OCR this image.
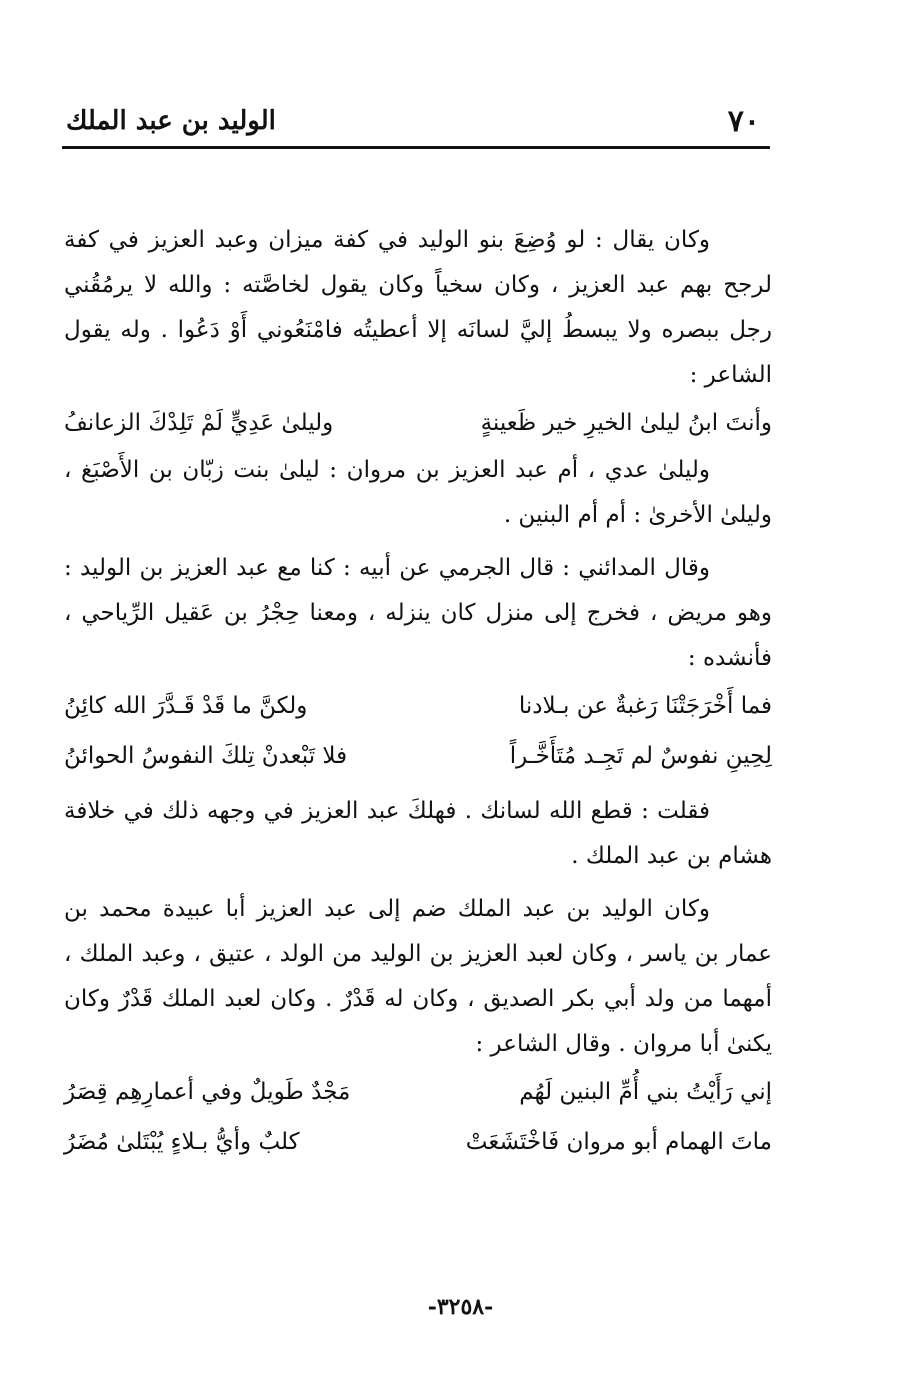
٧٠
الوليد بن عبد الملك

وكان يقال : لو وُضِعَ بنو الوليد في كفة ميزان وعبد العزيز في كفة لرجح بهم عبد العزيز ، وكان سخياً وكان يقول لخاصَّته : والله لا يرمُقُني رجل ببصره ولا يبسطُ إليَّ لسانَه إلا أعطيتُه فامْنَعُوني أَوْ دَعُوا . وله يقول الشاعر :

وأنتَ ابنُ ليلىٰ الخيرِ خير ظَعينةٍ
وليلىٰ عَدِيٍّ لَمْ تَلِدْكَ الزعانفُ

وليلىٰ عدي ، أم عبد العزيز بن مروان : ليلىٰ بنت زبّان بن الأَصْبَغ ، وليلىٰ الأخرىٰ : أم أم البنين .

وقال المدائني : قال الجرمي عن أبيه : كنا مع عبد العزيز بن الوليد : وهو مريض ، فخرج إلى منزل كان ينزله ، ومعنا حِجْرُ بن عَقيل الرِّياحي ، فأنشده :

فما أَخْرَجَتْنَا رَغبةٌ عن بـلادنا
ولكنَّ ما قَدْ قَـدَّرَ الله كائِنُ
لِحِينِ نفوسٌ لم تَجِـد مُتَأَخَّـراً
فلا تَبْعدنْ تِلكَ النفوسُ الحوائنُ

فقلت : قطع الله لسانك . فهلكَ عبد العزيز في وجهه ذلك في خلافة هشام بن عبد الملك .

وكان الوليد بن عبد الملك ضم إلى عبد العزيز أبا عبيدة محمد بن عمار بن ياسر ، وكان لعبد العزيز بن الوليد من الولد ، عتيق ، وعبد الملك ، أمهما من ولد أبي بكر الصديق ، وكان له قَدْرٌ . وكان لعبد الملك قَدْرٌ وكان يكنىٰ أبا مروان . وقال الشاعر :

إني رَأَيْتُ بني أُمِّ البنين لَهُم
مَجْدٌ طَويلٌ وفي أعمارِهِم قِصَرُ
ماتَ الهمام أبو مروان فَاخْتَشَعَتْ
كلبٌ وأيُّ بـلاءٍ يُبْتَلىٰ مُضَرُ
-٣٢٥٨-
